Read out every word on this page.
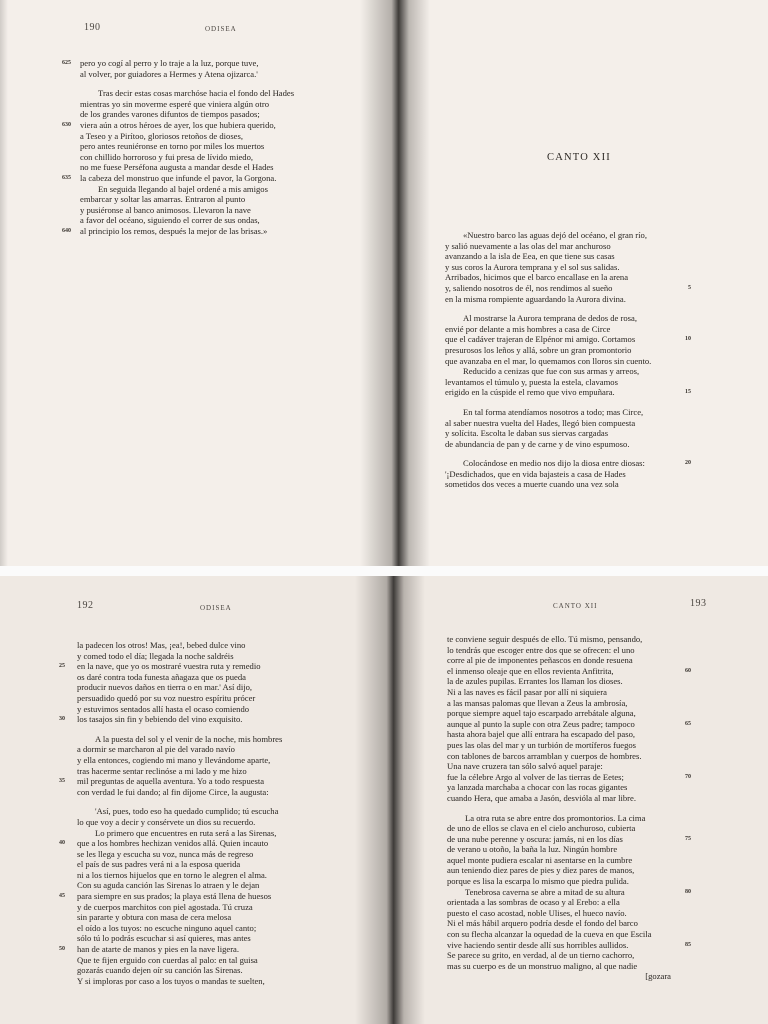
190	ODISEA
pero yo cogí al perro y lo traje a la luz, porque tuve,
625
al volver, por guiadores a Hermes y Atena ojizarca.'
Tras decir estas cosas marchóse hacia el fondo del Hades
mientras yo sin moverme esperé que viniera algún otro
de los grandes varones difuntos de tiempos pasados;
viera aún a otros héroes de ayer, los que hubiera querido,
630
a Teseo y a Pirítoo, gloriosos retoños de dioses,
pero antes reuniéronse en torno por miles los muertos
con chillido horroroso y fui presa de lívido miedo,
no me fuese Perséfona augusta a mandar desde el Hades
la cabeza del monstruo que infunde el pavor, la Gorgona.
635
En seguida llegando al bajel ordené a mis amigos
embarcar y soltar las amarras. Entraron al punto
y pusiéronse al banco animosos. Llevaron la nave
a favor del océano, siguiendo el correr de sus ondas,
al principio los remos, después la mejor de las brisas.»
640
CANTO XII
«Nuestro barco las aguas dejó del océano, el gran río,
y salió nuevamente a las olas del mar anchuroso
avanzando a la isla de Eea, en que tiene sus casas
y sus coros la Aurora temprana y el sol sus salidas.
Arribados, hicimos que el barco encallase en la arena
y, saliendo nosotros de él, nos rendimos al sueño	5
en la misma rompiente aguardando la Aurora divina.
Al mostrarse la Aurora temprana de dedos de rosa,
envié por delante a mis hombres a casa de Circe
que el cadáver trajeran de Elpénor mi amigo. Cortamos	10
presurosos los leños y allá, sobre un gran promontorio
que avanzaba en el mar, lo quemamos con lloros sin cuento.
Reducido a cenizas que fue con sus armas y arreos,
levantamos el túmulo y, puesta la estela, clavamos
erigido en la cúspide el remo que vivo empuñara.	15
En tal forma atendíamos nosotros a todo; mas Circe,
al saber nuestra vuelta del Hades, llegó bien compuesta
y solícita. Escolta le daban sus siervas cargadas
de abundancia de pan y de carne y de vino espumoso.
Colocándose en medio nos dijo la diosa entre diosas:	20
'¡Desdichados, que en vida bajasteis a casa de Hades
sometidos dos veces a muerte cuando una vez sola
192	ODISEA
la padecen los otros! Mas, ¡ea!, bebed dulce vino
y comed todo el día; llegada la noche saldréis
en la nave, que yo os mostraré vuestra ruta y remedio
25
os daré contra toda funesta añagaza que os pueda
producir nuevos daños en tierra o en mar.' Así dijo,
persuadido quedó por su voz nuestro espíritu prócer
y estuvimos sentados allí hasta el ocaso comiendo
los tasajos sin fin y bebiendo del vino exquisito.
30
A la puesta del sol y el venir de la noche, mis hombres
a dormir se marcharon al pie del varado navío
y ella entonces, cogiendo mi mano y llevándome aparte,
tras hacerme sentar reclinóse a mi lado y me hizo
mil preguntas de aquella aventura. Yo a todo respuesta
35
con verdad le fui dando; al fin díjome Circe, la augusta:
'Así, pues, todo eso ha quedado cumplido; tú escucha
lo que voy a decir y consérvete un dios su recuerdo.
Lo primero que encuentres en ruta será a las Sirenas,
que a los hombres hechizan venidos allá. Quien incauto
40
se les llega y escucha su voz, nunca más de regreso
el país de sus padres verá ni a la esposa querida
ni a los tiernos hijuelos que en torno le alegren el alma.
Con su aguda canción las Sirenas lo atraen y le dejan
para siempre en sus prados; la playa está llena de huesos
45
y de cuerpos marchitos con piel agostada. Tú cruza
sin pararte y obtura con masa de cera melosa
el oído a los tuyos: no escuche ninguno aquel canto;
sólo tú lo podrás escuchar si así quieres, mas antes
han de atarte de manos y pies en la nave ligera.
50
Que te fijen erguido con cuerdas al palo: en tal guisa
gozarás cuando dejen oír su canción las Sirenas.
Y si imploras por caso a los tuyos o mandas te suelten,
CANTO XII	193
te conviene seguir después de ello. Tú mismo, pensando,
lo tendrás que escoger entre dos que se ofrecen: el uno
corre al pie de imponentes peñascos en donde resuena
el inmenso oleaje que en ellos revienta Anfitrita,	60
la de azules pupilas. Errantes los llaman los dioses.
Ni a las naves es fácil pasar por allí ni siquiera
a las mansas palomas que llevan a Zeus la ambrosía,
porque siempre aquel tajo escarpado arrebátale alguna,
aunque al punto la suple con otra Zeus padre; tampoco	65
hasta ahora bajel que allí entrara ha escapado del paso,
pues las olas del mar y un turbión de mortíferos fuegos
con tablones de barcos arramblan y cuerpos de hombres.
Una nave cruzera tan sólo salvó aquel paraje:
fue la célebre Argo al volver de las tierras de Eetes;	70
ya lanzada marchaba a chocar con las rocas gigantes
cuando Hera, que amaba a Jasón, desvióla al mar libre.
La otra ruta se abre entre dos promontorios. La cima
de uno de ellos se clava en el cielo anchuroso, cubierta
de una nube perenne y oscura: jamás, ni en los días	75
de verano u otoño, la baña la luz. Ningún hombre
aquel monte pudiera escalar ni asentarse en la cumbre
aun teniendo diez pares de pies y diez pares de manos,
porque es lisa la escarpa lo mismo que piedra pulida.
Tenebrosa caverna se abre a mitad de su altura	80
orientada a las sombras de ocaso y al Erebo: a ella
puesto el caso acostad, noble Ulises, el hueco navío.
Ni el más hábil arquero podría desde el fondo del barco
con su flecha alcanzar la oquedad de la cueva en que Escila
vive haciendo sentir desde allí sus horribles aullidos.	85
Se parece su grito, en verdad, al de un tierno cachorro,
mas su cuerpo es de un monstruo maligno, al que nadie
[gozara
